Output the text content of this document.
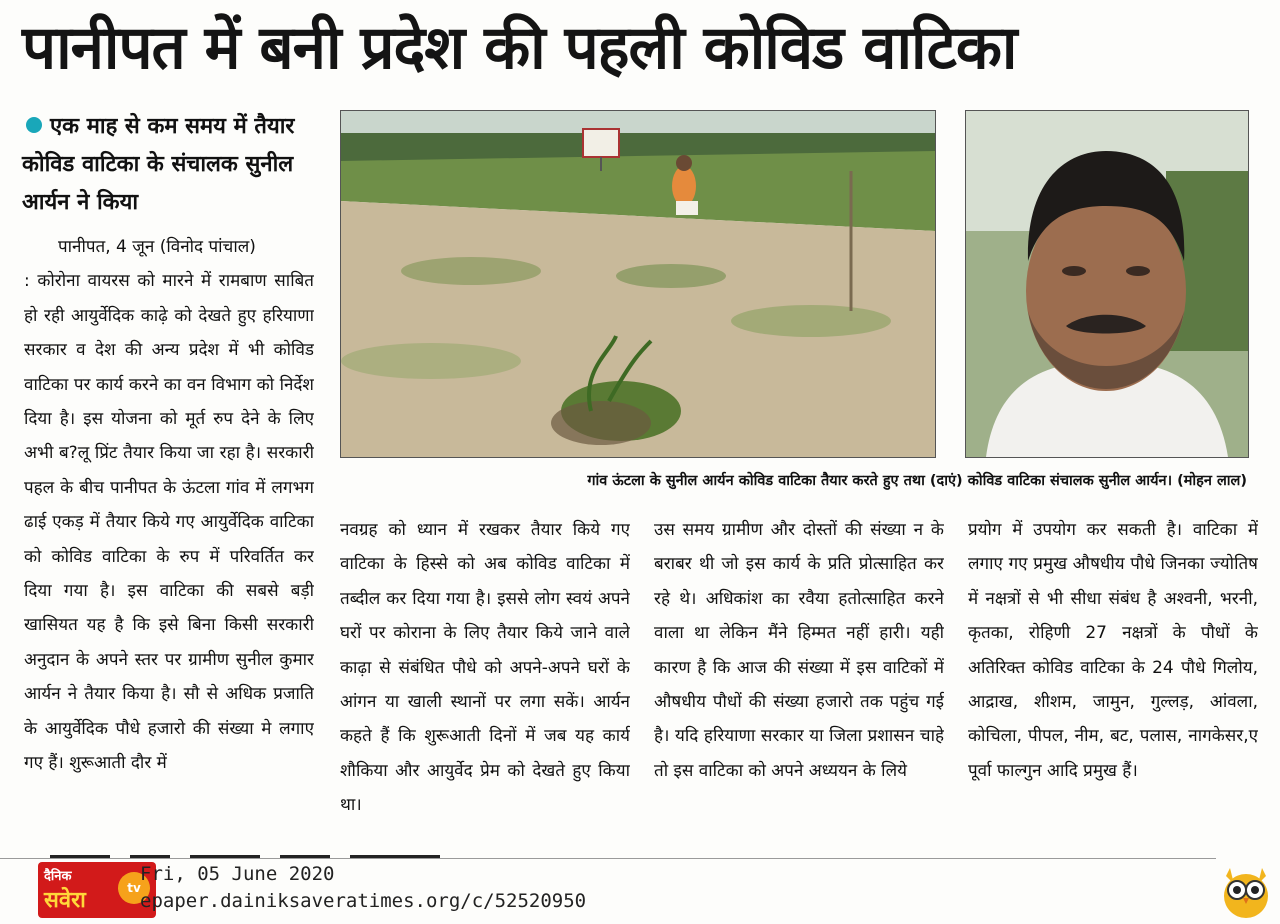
पानीपत में बनी प्रदेश की पहली कोविड वाटिका

एक माह से कम समय में तैयार कोविड वाटिका के संचालक सुनील आर्यन ने किया

पानीपत, 4 जून (विनोद पांचाल)
: कोरोना वायरस को मारने में रामबाण साबित हो रही आयुर्वेदिक काढ़े को देखते हुए हरियाणा सरकार व देश की अन्य प्रदेश में भी कोविड वाटिका पर कार्य करने का वन विभाग को निर्देश दिया है। इस योजना को मूर्त रुप देने के लिए अभी ब?लू प्रिंट तैयार किया जा रहा है। सरकारी पहल के बीच पानीपत के ऊंटला गांव में लगभग ढाई एकड़ में तैयार किये गए आयुर्वेदिक वाटिका को कोविड वाटिका के रुप में परिवर्तित कर दिया गया है। इस वाटिका की सबसे बड़ी खासियत यह है कि इसे बिना किसी सरकारी अनुदान के अपने स्तर पर ग्रामीण सुनील कुमार आर्यन ने तैयार किया है। सौ से अधिक प्रजाति के आयुर्वेदिक पौधे हजारो की संख्या मे लगाए गए हैं। शुरूआती दौर में

गांव ऊंटला के सुनील आर्यन कोविड वाटिका तैयार करते हुए तथा (दाएं) कोविड वाटिका संचालक सुनील आर्यन। (मोहन लाल)

नवग्रह को ध्यान में रखकर तैयार किये गए वाटिका के हिस्से को अब कोविड वाटिका में तब्दील कर दिया गया है। इससे लोग स्वयं अपने घरों पर कोराना के लिए तैयार किये जाने वाले काढ़ा से संबंधित पौधे को अपने-अपने घरों के आंगन या खाली स्थानों पर लगा सकें। आर्यन कहते हैं कि शुरूआती दिनों में जब यह कार्य शौकिया और आयुर्वेद प्रेम को देखते हुए किया था।

उस समय ग्रामीण और दोस्तों की संख्या न के बराबर थी जो इस कार्य के प्रति प्रोत्साहित कर रहे थे। अधिकांश का रवैया हतोत्साहित करने वाला था लेकिन मैंने हिम्मत नहीं हारी। यही कारण है कि आज की संख्या में इस वाटिकों में औषधीय पौधों की संख्या हजारो तक पहुंच गई है। यदि हरियाणा सरकार या जिला प्रशासन चाहे तो इस वाटिका को अपने अध्ययन के लिये

प्रयोग में उपयोग कर सकती है। वाटिका में लगाए गए प्रमुख औषधीय पौधे जिनका ज्योतिष में नक्षत्रों से भी सीधा संबंध है अश्वनी, भरनी, कृतका, रोहिणी 27 नक्षत्रों के पौधों के अतिरिक्त कोविड वाटिका के 24 पौधे गिलोय, आद्राख, शीशम, जामुन, गुल्लड़, आंवला, कोचिला, पीपल, नीम, बट, पलास, नागकेसर,ए पूर्वा फाल्गुन आदि प्रमुख हैं।

दैनिक
सवेरा	tv

Fri, 05 June 2020

epaper.dainiksaveratimes.org/c/52520950
